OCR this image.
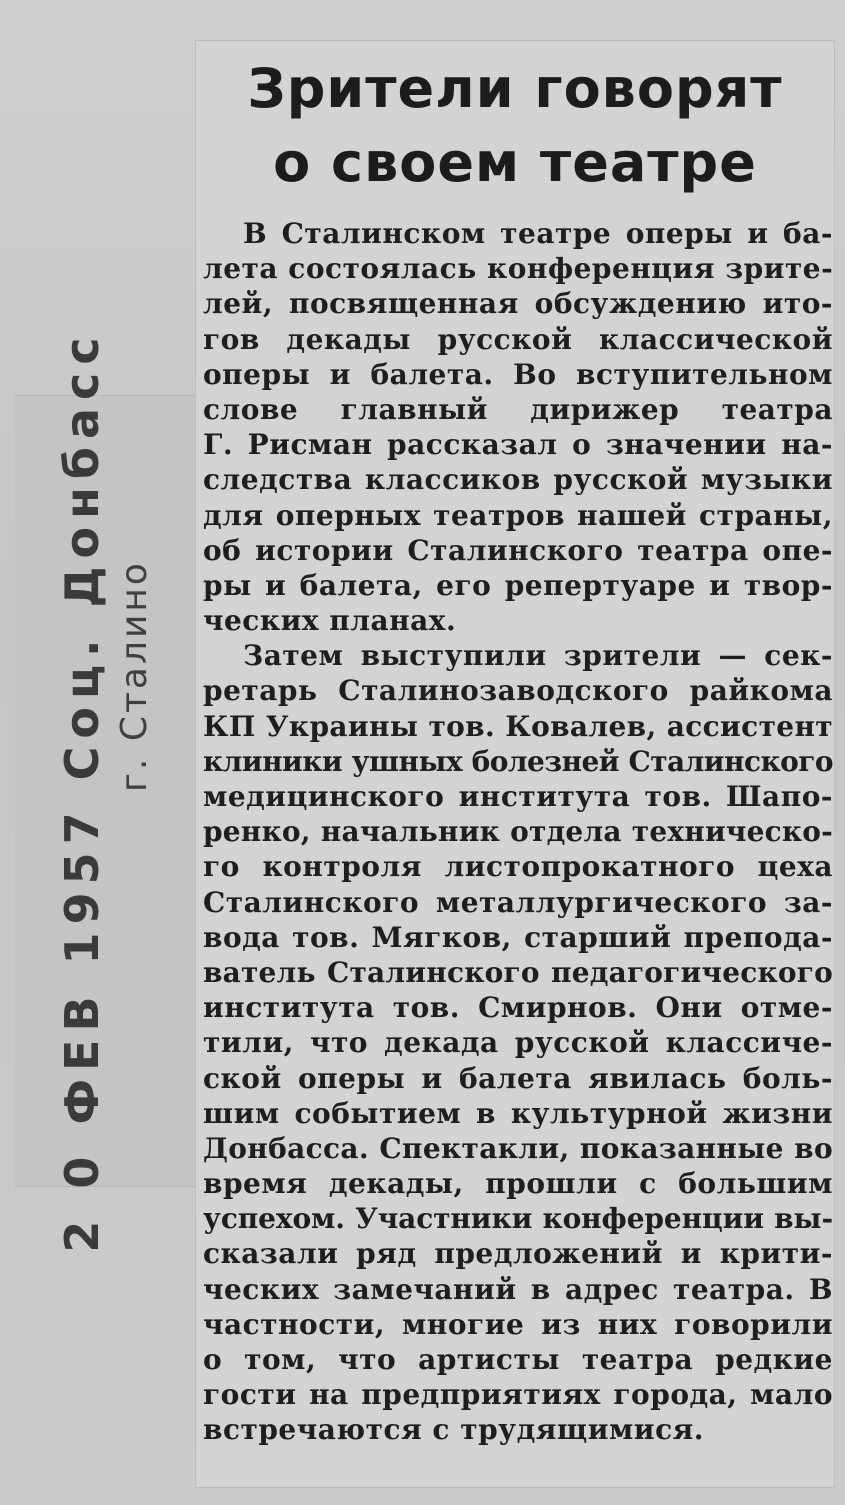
2 0 ФЕВ 1957 Соц. Донбасс г. Сталино
Зрители говорят
о своем театре
В Сталинском театре оперы и ба-
лета состоялась конференция зрите-
лей, посвященная обсуждению ито-
гов декады русской классической
оперы и балета. Во вступительном
слове главный дирижер театра
Г. Рисман рассказал о значении на-
следства классиков русской музыки
для оперных театров нашей страны,
об истории Сталинского театра опе-
ры и балета, его репертуаре и твор-
ческих планах.
Затем выступили зрители — сек-
ретарь Сталинозаводского райкома
КП Украины тов. Ковалев, ассистент
клиники ушных болезней Сталинского
медицинского института тов. Шапо-
ренко, начальник отдела техническо-
го контроля листопрокатного цеха
Сталинского металлургического за-
вода тов. Мягков, старший препода-
ватель Сталинского педагогического
института тов. Смирнов. Они отме-
тили, что декада русской классиче-
ской оперы и балета явилась боль-
шим событием в культурной жизни
Донбасса. Спектакли, показанные во
время декады, прошли с большим
успехом. Участники конференции вы-
сказали ряд предложений и крити-
ческих замечаний в адрес театра. В
частности, многие из них говорили
о том, что артисты театра редкие
гости на предприятиях города, мало
встречаются с трудящимися.
